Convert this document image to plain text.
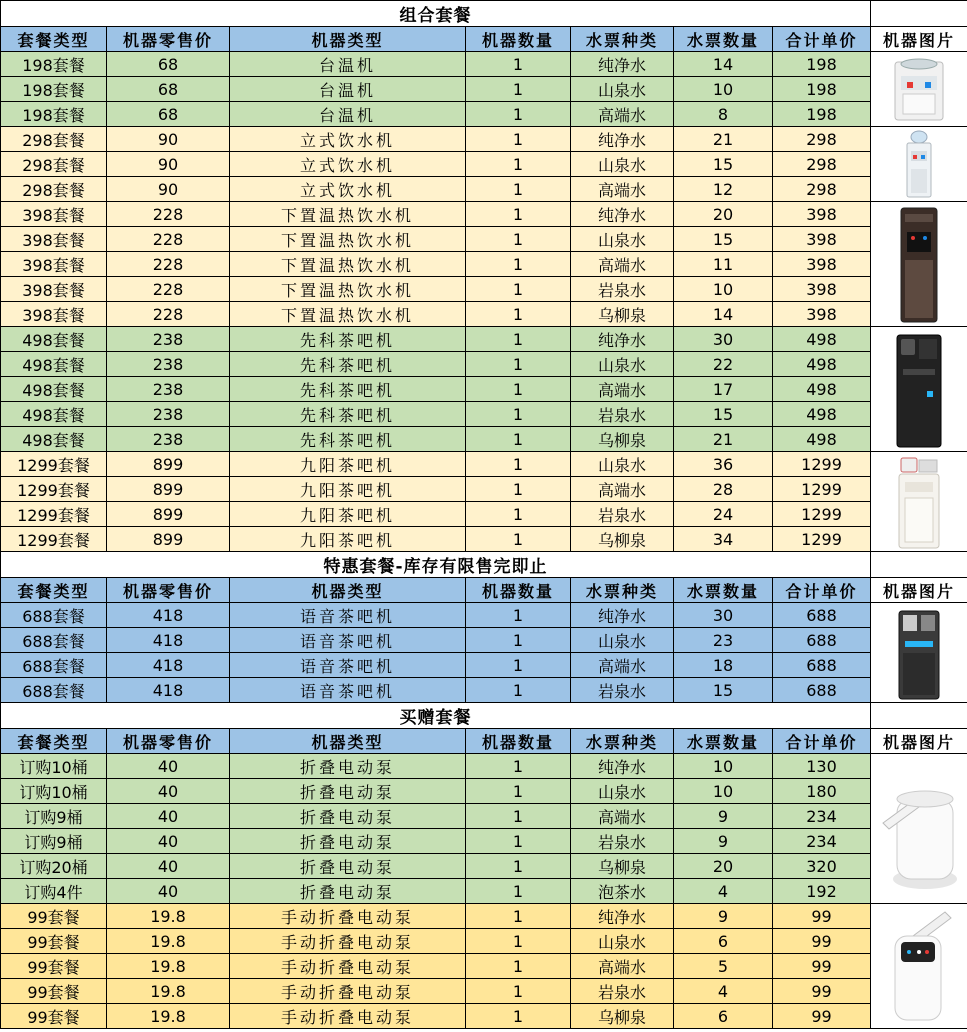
组合套餐							
套餐类型	机器零售价	机器类型	机器数量	水票种类	水票数量	合计单价	机器图片
198套餐	68	台温机	1	纯净水	14	198	

198套餐	68	台温机	1	山泉水	10	198	
198套餐	68	台温机	1	高端水	8	198	
298套餐	90	立式饮水机	1	纯净水	21	298	

298套餐	90	立式饮水机	1	山泉水	15	298	
298套餐	90	立式饮水机	1	高端水	12	298	
398套餐	228	下置温热饮水机	1	纯净水	20	398	

398套餐	228	下置温热饮水机	1	山泉水	15	398	
398套餐	228	下置温热饮水机	1	高端水	11	398	
398套餐	228	下置温热饮水机	1	岩泉水	10	398	
398套餐	228	下置温热饮水机	1	乌柳泉	14	398	
498套餐	238	先科茶吧机	1	纯净水	30	498	

498套餐	238	先科茶吧机	1	山泉水	22	498	
498套餐	238	先科茶吧机	1	高端水	17	498	
498套餐	238	先科茶吧机	1	岩泉水	15	498	
498套餐	238	先科茶吧机	1	乌柳泉	21	498	
1299套餐	899	九阳茶吧机	1	山泉水	36	1299	

1299套餐	899	九阳茶吧机	1	高端水	28	1299	
1299套餐	899	九阳茶吧机	1	岩泉水	24	1299	
1299套餐	899	九阳茶吧机	1	乌柳泉	34	1299	
特惠套餐-库存有限售完即止							
套餐类型	机器零售价	机器类型	机器数量	水票种类	水票数量	合计单价	机器图片
688套餐	418	语音茶吧机	1	纯净水	30	688	

688套餐	418	语音茶吧机	1	山泉水	23	688	
688套餐	418	语音茶吧机	1	高端水	18	688	
688套餐	418	语音茶吧机	1	岩泉水	15	688	
买赠套餐							
套餐类型	机器零售价	机器类型	机器数量	水票种类	水票数量	合计单价	机器图片
订购10桶	40	折叠电动泵	1	纯净水	10	130	

订购10桶	40	折叠电动泵	1	山泉水	10	180	
订购9桶	40	折叠电动泵	1	高端水	9	234	
订购9桶	40	折叠电动泵	1	岩泉水	9	234	
订购20桶	40	折叠电动泵	1	乌柳泉	20	320	
订购4件	40	折叠电动泵	1	泡茶水	4	192	
99套餐	19.8	手动折叠电动泵	1	纯净水	9	99	

99套餐	19.8	手动折叠电动泵	1	山泉水	6	99	
99套餐	19.8	手动折叠电动泵	1	高端水	5	99	
99套餐	19.8	手动折叠电动泵	1	岩泉水	4	99	
99套餐	19.8	手动折叠电动泵	1	乌柳泉	6	99	
